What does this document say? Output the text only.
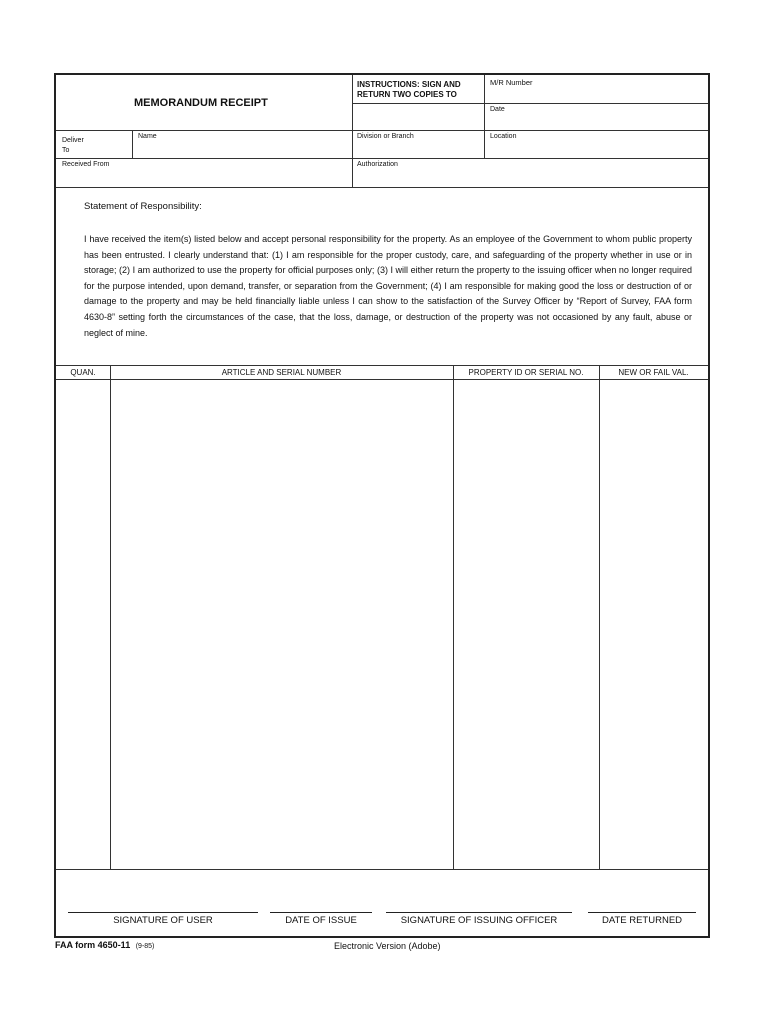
MEMORANDUM RECEIPT
INSTRUCTIONS: SIGN AND
RETURN TWO COPIES TO
M/R Number
Date
Deliver
To
Name	Division or Branch	Location
Received From	Authorization
Statement of Responsibility:
I have received the item(s) listed below and accept personal responsibility for the property. As an employee of the Government to whom public property has been entrusted. I clearly understand that: (1) I am responsible for the proper custody, care, and safeguarding of the property whether in use or in storage; (2) I am authorized to use the property for official purposes only; (3) I will either return the property to the issuing officer when no longer required for the purpose intended, upon demand, transfer, or separation from the Government; (4) I am responsible for making good the loss or destruction of or damage to the property and may be held financially liable unless I can show to the satisfaction of the Survey Officer by “Report of Survey, FAA form 4630-8” setting forth the circumstances of the case, that the loss, damage, or destruction of the property was not occasioned by any fault, abuse or neglect of mine.
QUAN.	ARTICLE AND SERIAL NUMBER	PROPERTY ID OR SERIAL NO.	NEW OR FAIL VAL.
SIGNATURE OF USER	DATE OF ISSUE	SIGNATURE OF ISSUING OFFICER	DATE RETURNED
FAA form 4650-11 (9-85)	Electronic Version (Adobe)
